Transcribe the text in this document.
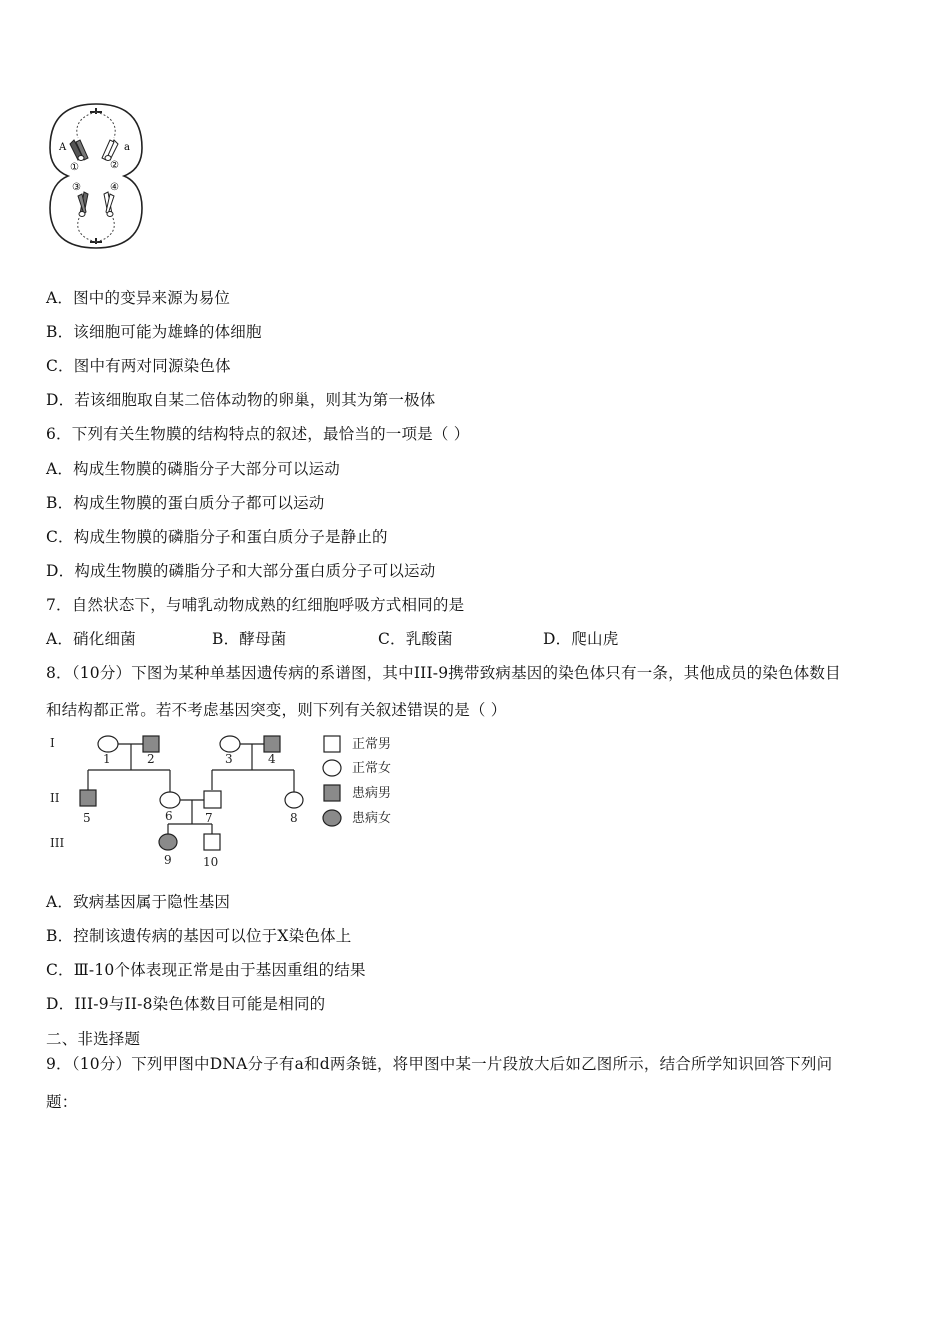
A	a
①	②
③	④
A．图中的变异来源为易位
B．该细胞可能为雄蜂的体细胞
C．图中有两对同源染色体
D．若该细胞取自某二倍体动物的卵巢，则其为第一极体
6．下列有关生物膜的结构特点的叙述，最恰当的一项是（ ）
A．构成生物膜的磷脂分子大部分可以运动
B．构成生物膜的蛋白质分子都可以运动
C．构成生物膜的磷脂分子和蛋白质分子是静止的
D．构成生物膜的磷脂分子和大部分蛋白质分子可以运动
7．自然状态下，与哺乳动物成熟的红细胞呼吸方式相同的是
A．硝化细菌	B．酵母菌	C．乳酸菌	D．爬山虎
8．（10分）下图为某种单基因遗传病的系谱图，其中III-9携带致病基因的染色体只有一条，其他成员的染色体数目
和结构都正常。若不考虑基因突变，则下列有关叙述错误的是（ ）
I
II
III
1	2	3	4
5	6	7	8
9	10
正常男
正常女
患病男
患病女
A．致病基因属于隐性基因
B．控制该遗传病的基因可以位于X染色体上
C．Ⅲ-10个体表现正常是由于基因重组的结果
D．III-9与II-8染色体数目可能是相同的
二、非选择题
9．（10分）下列甲图中DNA分子有a和d两条链，将甲图中某一片段放大后如乙图所示，结合所学知识回答下列问
题：
